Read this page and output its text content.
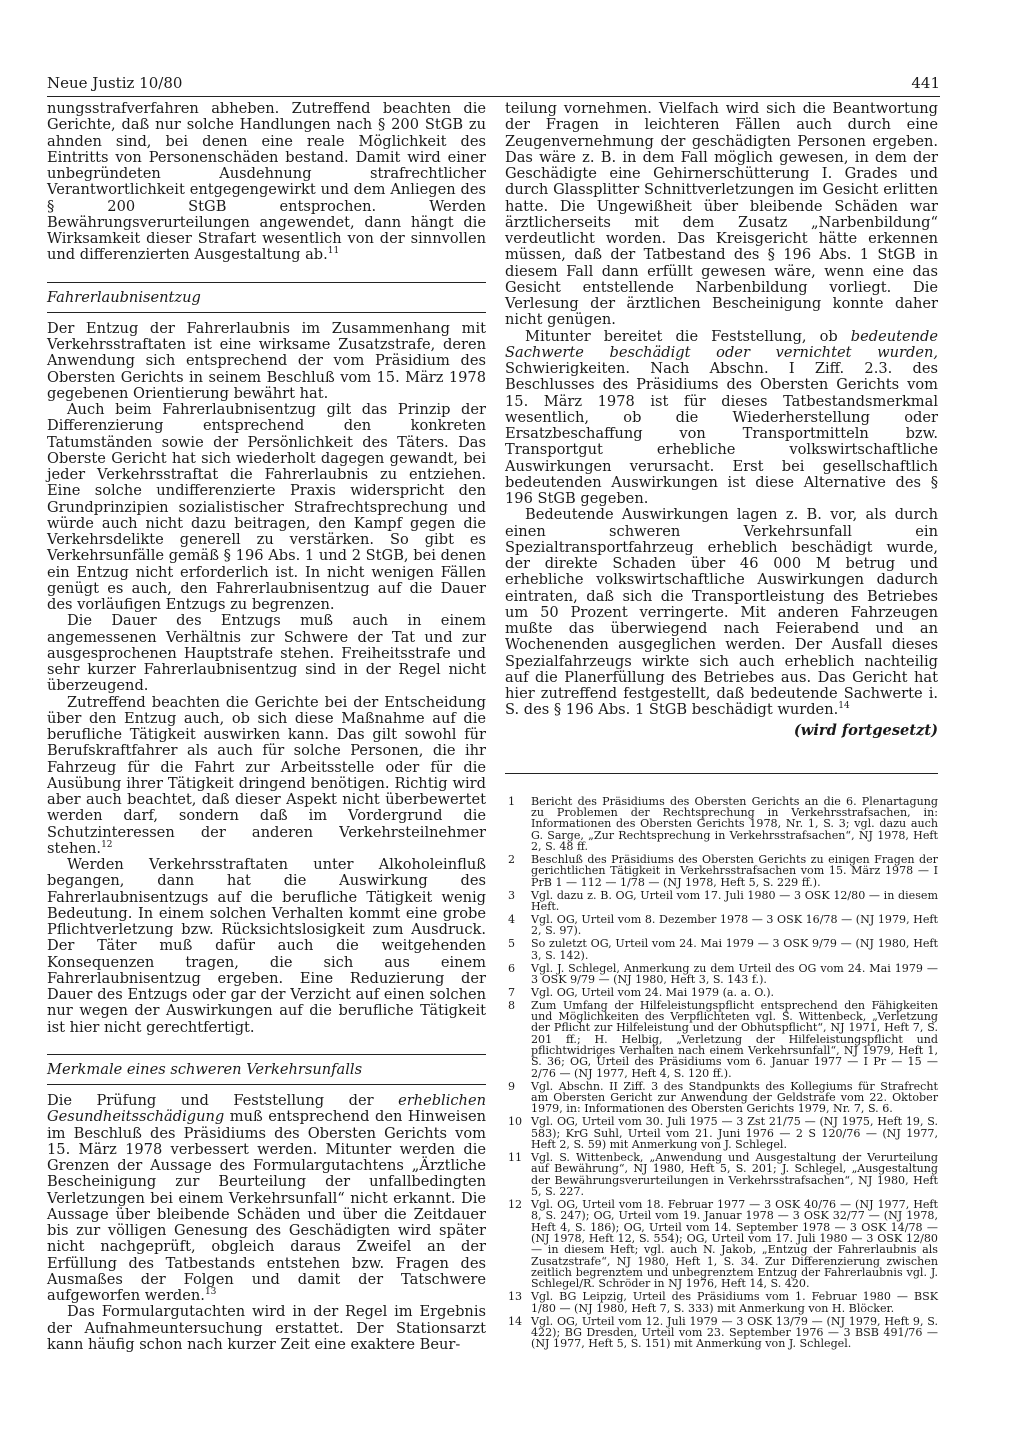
Neue Justiz 10/80	441

nungsstrafverfahren abheben. Zutreffend beachten die Gerichte, daß nur solche Handlungen nach § 200 StGB zu ahnden sind, bei denen eine reale Möglichkeit des Eintritts von Personenschäden bestand. Damit wird einer unbegründeten Ausdehnung strafrechtlicher Verantwortlichkeit entgegengewirkt und dem Anliegen des § 200 StGB entsprochen. Werden Bewährungsverurteilungen angewendet, dann hängt die Wirksamkeit dieser Strafart wesentlich von der sinnvollen und differenzierten Ausgestaltung ab.$^{11}$

Fahrerlaubnisentzug

Der Entzug der Fahrerlaubnis im Zusammenhang mit Verkehrsstraftaten ist eine wirksame Zusatzstrafe, deren Anwendung sich entsprechend der vom Präsidium des Obersten Gerichts in seinem Beschluß vom 15. März 1978 gegebenen Orientierung bewährt hat.

Auch beim Fahrerlaubnisentzug gilt das Prinzip der Differenzierung entsprechend den konkreten Tatumständen sowie der Persönlichkeit des Täters. Das Oberste Gericht hat sich wiederholt dagegen gewandt, bei jeder Verkehrsstraftat die Fahrerlaubnis zu entziehen. Eine solche undifferenzierte Praxis widerspricht den Grundprinzipien sozialistischer Strafrechtsprechung und würde auch nicht dazu beitragen, den Kampf gegen die Verkehrsdelikte generell zu verstärken. So gibt es Verkehrsunfälle gemäß § 196 Abs. 1 und 2 StGB, bei denen ein Entzug nicht erforderlich ist. In nicht wenigen Fällen genügt es auch, den Fahrerlaubnisentzug auf die Dauer des vorläufigen Entzugs zu begrenzen.

Die Dauer des Entzugs muß auch in einem angemessenen Verhältnis zur Schwere der Tat und zur ausgesprochenen Hauptstrafe stehen. Freiheitsstrafe und sehr kurzer Fahrerlaubnisentzug sind in der Regel nicht überzeugend.

Zutreffend beachten die Gerichte bei der Entscheidung über den Entzug auch, ob sich diese Maßnahme auf die berufliche Tätigkeit auswirken kann. Das gilt sowohl für Berufskraftfahrer als auch für solche Personen, die ihr Fahrzeug für die Fahrt zur Arbeitsstelle oder für die Ausübung ihrer Tätigkeit dringend benötigen. Richtig wird aber auch beachtet, daß dieser Aspekt nicht überbewertet werden darf, sondern daß im Vordergrund die Schutzinteressen der anderen Verkehrsteilnehmer stehen.$^{12}$

Werden Verkehrsstraftaten unter Alkoholeinfluß begangen, dann hat die Auswirkung des Fahrerlaubnisentzugs auf die berufliche Tätigkeit wenig Bedeutung. In einem solchen Verhalten kommt eine grobe Pflichtverletzung bzw. Rücksichtslosigkeit zum Ausdruck. Der Täter muß dafür auch die weitgehenden Konsequenzen tragen, die sich aus einem Fahrerlaubnisentzug ergeben. Eine Reduzierung der Dauer des Entzugs oder gar der Verzicht auf einen solchen nur wegen der Auswirkungen auf die berufliche Tätigkeit ist hier nicht gerechtfertigt.

Merkmale eines schweren Verkehrsunfalls

Die Prüfung und Feststellung der erheblichen Gesundheitsschädigung muß entsprechend den Hinweisen im Beschluß des Präsidiums des Obersten Gerichts vom 15. März 1978 verbessert werden. Mitunter werden die Grenzen der Aussage des Formulargutachtens „Ärztliche Bescheinigung zur Beurteilung der unfallbedingten Verletzungen bei einem Verkehrsunfall“ nicht erkannt. Die Aussage über bleibende Schäden und über die Zeitdauer bis zur völligen Genesung des Geschädigten wird später nicht nachgeprüft, obgleich daraus Zweifel an der Erfüllung des Tatbestands entstehen bzw. Fragen des Ausmaßes der Folgen und damit der Tatschwere aufgeworfen werden.$^{13}$

Das Formulargutachten wird in der Regel im Ergebnis der Aufnahmeuntersuchung erstattet. Der Stationsarzt kann häufig schon nach kurzer Zeit eine exaktere Beur-

teilung vornehmen. Vielfach wird sich die Beantwortung der Fragen in leichteren Fällen auch durch eine Zeugenvernehmung der geschädigten Personen ergeben. Das wäre z. B. in dem Fall möglich gewesen, in dem der Geschädigte eine Gehirnerschütterung I. Grades und durch Glassplitter Schnittverletzungen im Gesicht erlitten hatte. Die Ungewißheit über bleibende Schäden war ärztlicherseits mit dem Zusatz „Narbenbildung“ verdeutlicht worden. Das Kreisgericht hätte erkennen müssen, daß der Tatbestand des § 196 Abs. 1 StGB in diesem Fall dann erfüllt gewesen wäre, wenn eine das Gesicht entstellende Narbenbildung vorliegt. Die Verlesung der ärztlichen Bescheinigung konnte daher nicht genügen.

Mitunter bereitet die Feststellung, ob bedeutende Sachwerte beschädigt oder vernichtet wurden, Schwierigkeiten. Nach Abschn. I Ziff. 2.3. des Beschlusses des Präsidiums des Obersten Gerichts vom 15. März 1978 ist für dieses Tatbestandsmerkmal wesentlich, ob die Wiederherstellung oder Ersatzbeschaffung von Transportmitteln bzw. Transportgut erhebliche volkswirtschaftliche Auswirkungen verursacht. Erst bei gesellschaftlich bedeutenden Auswirkungen ist diese Alternative des § 196 StGB gegeben.

Bedeutende Auswirkungen lagen z. B. vor, als durch einen schweren Verkehrsunfall ein Spezialtransportfahrzeug erheblich beschädigt wurde, der direkte Schaden über 46 000 M betrug und erhebliche volkswirtschaftliche Auswirkungen dadurch eintraten, daß sich die Transportleistung des Betriebes um 50 Prozent verringerte. Mit anderen Fahrzeugen mußte das überwiegend nach Feierabend und an Wochenenden ausgeglichen werden. Der Ausfall dieses Spezialfahrzeugs wirkte sich auch erheblich nachteilig auf die Planerfüllung des Betriebes aus. Das Gericht hat hier zutreffend festgestellt, daß bedeutende Sachwerte i. S. des § 196 Abs. 1 StGB beschädigt wurden.$^{14}$

(wird fortgesetzt)

1	Bericht des Präsidiums des Obersten Gerichts an die 6. Plenartagung zu Problemen der Rechtsprechung in Verkehrsstrafsachen, in: Informationen des Obersten Gerichts 1978, Nr. 1, S. 3; vgl. dazu auch G. Sarge, „Zur Rechtsprechung in Verkehrsstrafsachen“, NJ 1978, Heft 2, S. 48 ff.
2	Beschluß des Präsidiums des Obersten Gerichts zu einigen Fragen der gerichtlichen Tätigkeit in Verkehrsstrafsachen vom 15. März 1978 — I PrB 1 — 112 — 1/78 — (NJ 1978, Heft 5, S. 229 ff.).
3	Vgl. dazu z. B. OG, Urteil vom 17. Juli 1980 — 3 OSK 12/80 — in diesem Heft.
4	Vgl. OG, Urteil vom 8. Dezember 1978 — 3 OSK 16/78 — (NJ 1979, Heft 2, S. 97).
5	So zuletzt OG, Urteil vom 24. Mai 1979 — 3 OSK 9/79 — (NJ 1980, Heft 3, S. 142).
6	Vgl. J. Schlegel, Anmerkung zu dem Urteil des OG vom 24. Mai 1979 — 3 OSK 9/79 — (NJ 1980, Heft 3, S. 143 f.).
7	Vgl. OG, Urteil vom 24. Mai 1979 (a. a. O.).
8	Zum Umfang der Hilfeleistungspflicht entsprechend den Fähigkeiten und Möglichkeiten des Verpflichteten vgl. S. Wittenbeck, „Verletzung der Pflicht zur Hilfeleistung und der Obhutspflicht“, NJ 1971, Heft 7, S. 201 ff.; H. Helbig, „Verletzung der Hilfeleistungspflicht und pflichtwidriges Verhalten nach einem Verkehrsunfall“, NJ 1979, Heft 1, S. 36; OG, Urteil des Präsidiums vom 6. Januar 1977 — I Pr — 15 — 2/76 — (NJ 1977, Heft 4, S. 120 ff.).
9	Vgl. Abschn. II Ziff. 3 des Standpunkts des Kollegiums für Strafrecht am Obersten Gericht zur Anwendung der Geldstrafe vom 22. Oktober 1979, in: Informationen des Obersten Gerichts 1979, Nr. 7, S. 6.
10 Vgl. OG, Urteil vom 30. Juli 1975 — 3 Zst 21/75 — (NJ 1975, Heft 19, S. 583); KrG Suhl, Urteil vom 21. Juni 1976 — 2 S 120/76 — (NJ 1977, Heft 2, S. 59) mit Anmerkung von J. Schlegel.
11 Vgl. S. Wittenbeck, „Anwendung und Ausgestaltung der Verurteilung auf Bewährung“, NJ 1980, Heft 5, S. 201; J. Schlegel, „Ausgestaltung der Bewährungsverurteilungen in Verkehrsstrafsachen“, NJ 1980, Heft 5, S. 227.
12 Vgl. OG, Urteil vom 18. Februar 1977 — 3 OSK 40/76 — (NJ 1977, Heft 8, S. 247); OG, Urteil vom 19. Januar 1978 — 3 OSK 32/77 — (NJ 1978, Heft 4, S. 186); OG, Urteil vom 14. September 1978 — 3 OSK 14/78 — (NJ 1978, Heft 12, S. 554); OG, Urteil vom 17. Juli 1980 — 3 OSK 12/80 — in diesem Heft; vgl. auch N. Jakob, „Entzug der Fahrerlaubnis als Zusatzstrafe“, NJ 1980, Heft 1, S. 34. Zur Differenzierung zwischen zeitlich begrenztem und unbegrenztem Entzug der Fahrerlaubnis vgl. J. Schlegel/R. Schröder in NJ 1976, Heft 14, S. 420.
13 Vgl. BG Leipzig, Urteil des Präsidiums vom 1. Februar 1980 — BSK 1/80 — (NJ 1980, Heft 7, S. 333) mit Anmerkung von H. Blöcker.
14 Vgl. OG, Urteil vom 12. Juli 1979 — 3 OSK 13/79 — (NJ 1979, Heft 9, S. 422); BG Dresden, Urteil vom 23. September 1976 — 3 BSB 491/76 — (NJ 1977, Heft 5, S. 151) mit Anmerkung von J. Schlegel.
